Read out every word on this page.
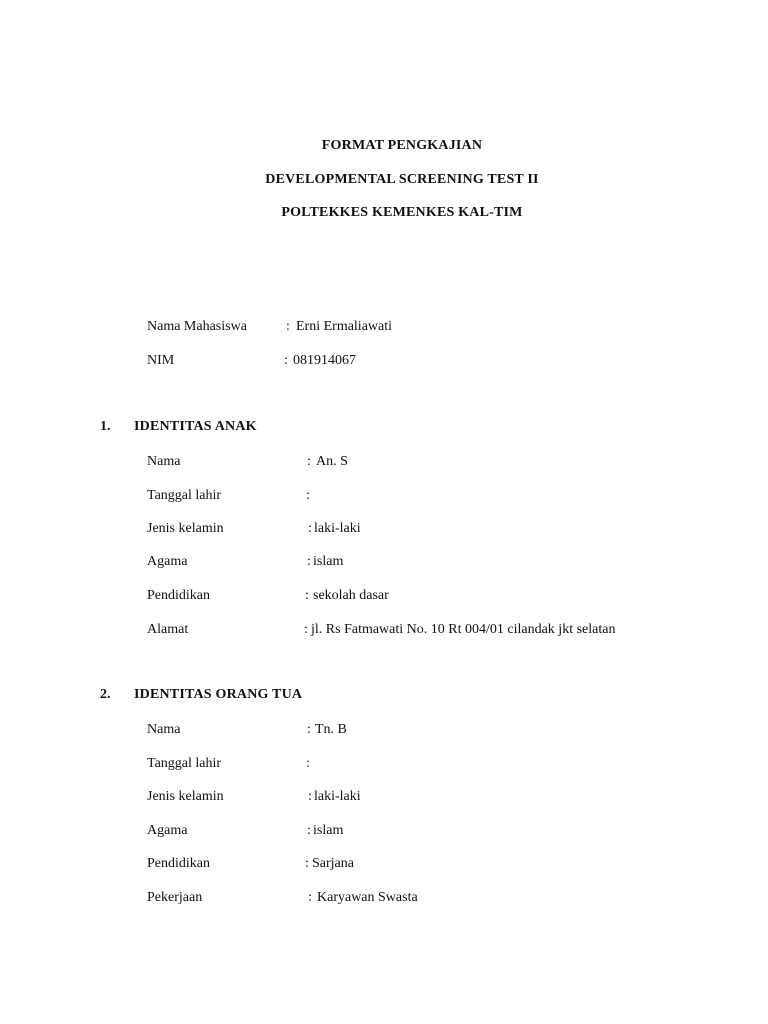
FORMAT PENGKAJIAN
DEVELOPMENTAL SCREENING TEST II
POLTEKKES KEMENKES KAL-TIM
Nama Mahasiswa	: Erni Ermaliawati
NIM	: 081914067
1. IDENTITAS ANAK
Nama	: An. S
Tanggal lahir	:
Jenis kelamin	: laki-laki
Agama	: islam
Pendidikan	: sekolah dasar
Alamat	: jl. Rs Fatmawati No. 10 Rt 004/01 cilandak jkt selatan
2. IDENTITAS ORANG TUA
Nama	: Tn. B
Tanggal lahir	:
Jenis kelamin	: laki-laki
Agama	: islam
Pendidikan	: Sarjana
Pekerjaan	: Karyawan Swasta
